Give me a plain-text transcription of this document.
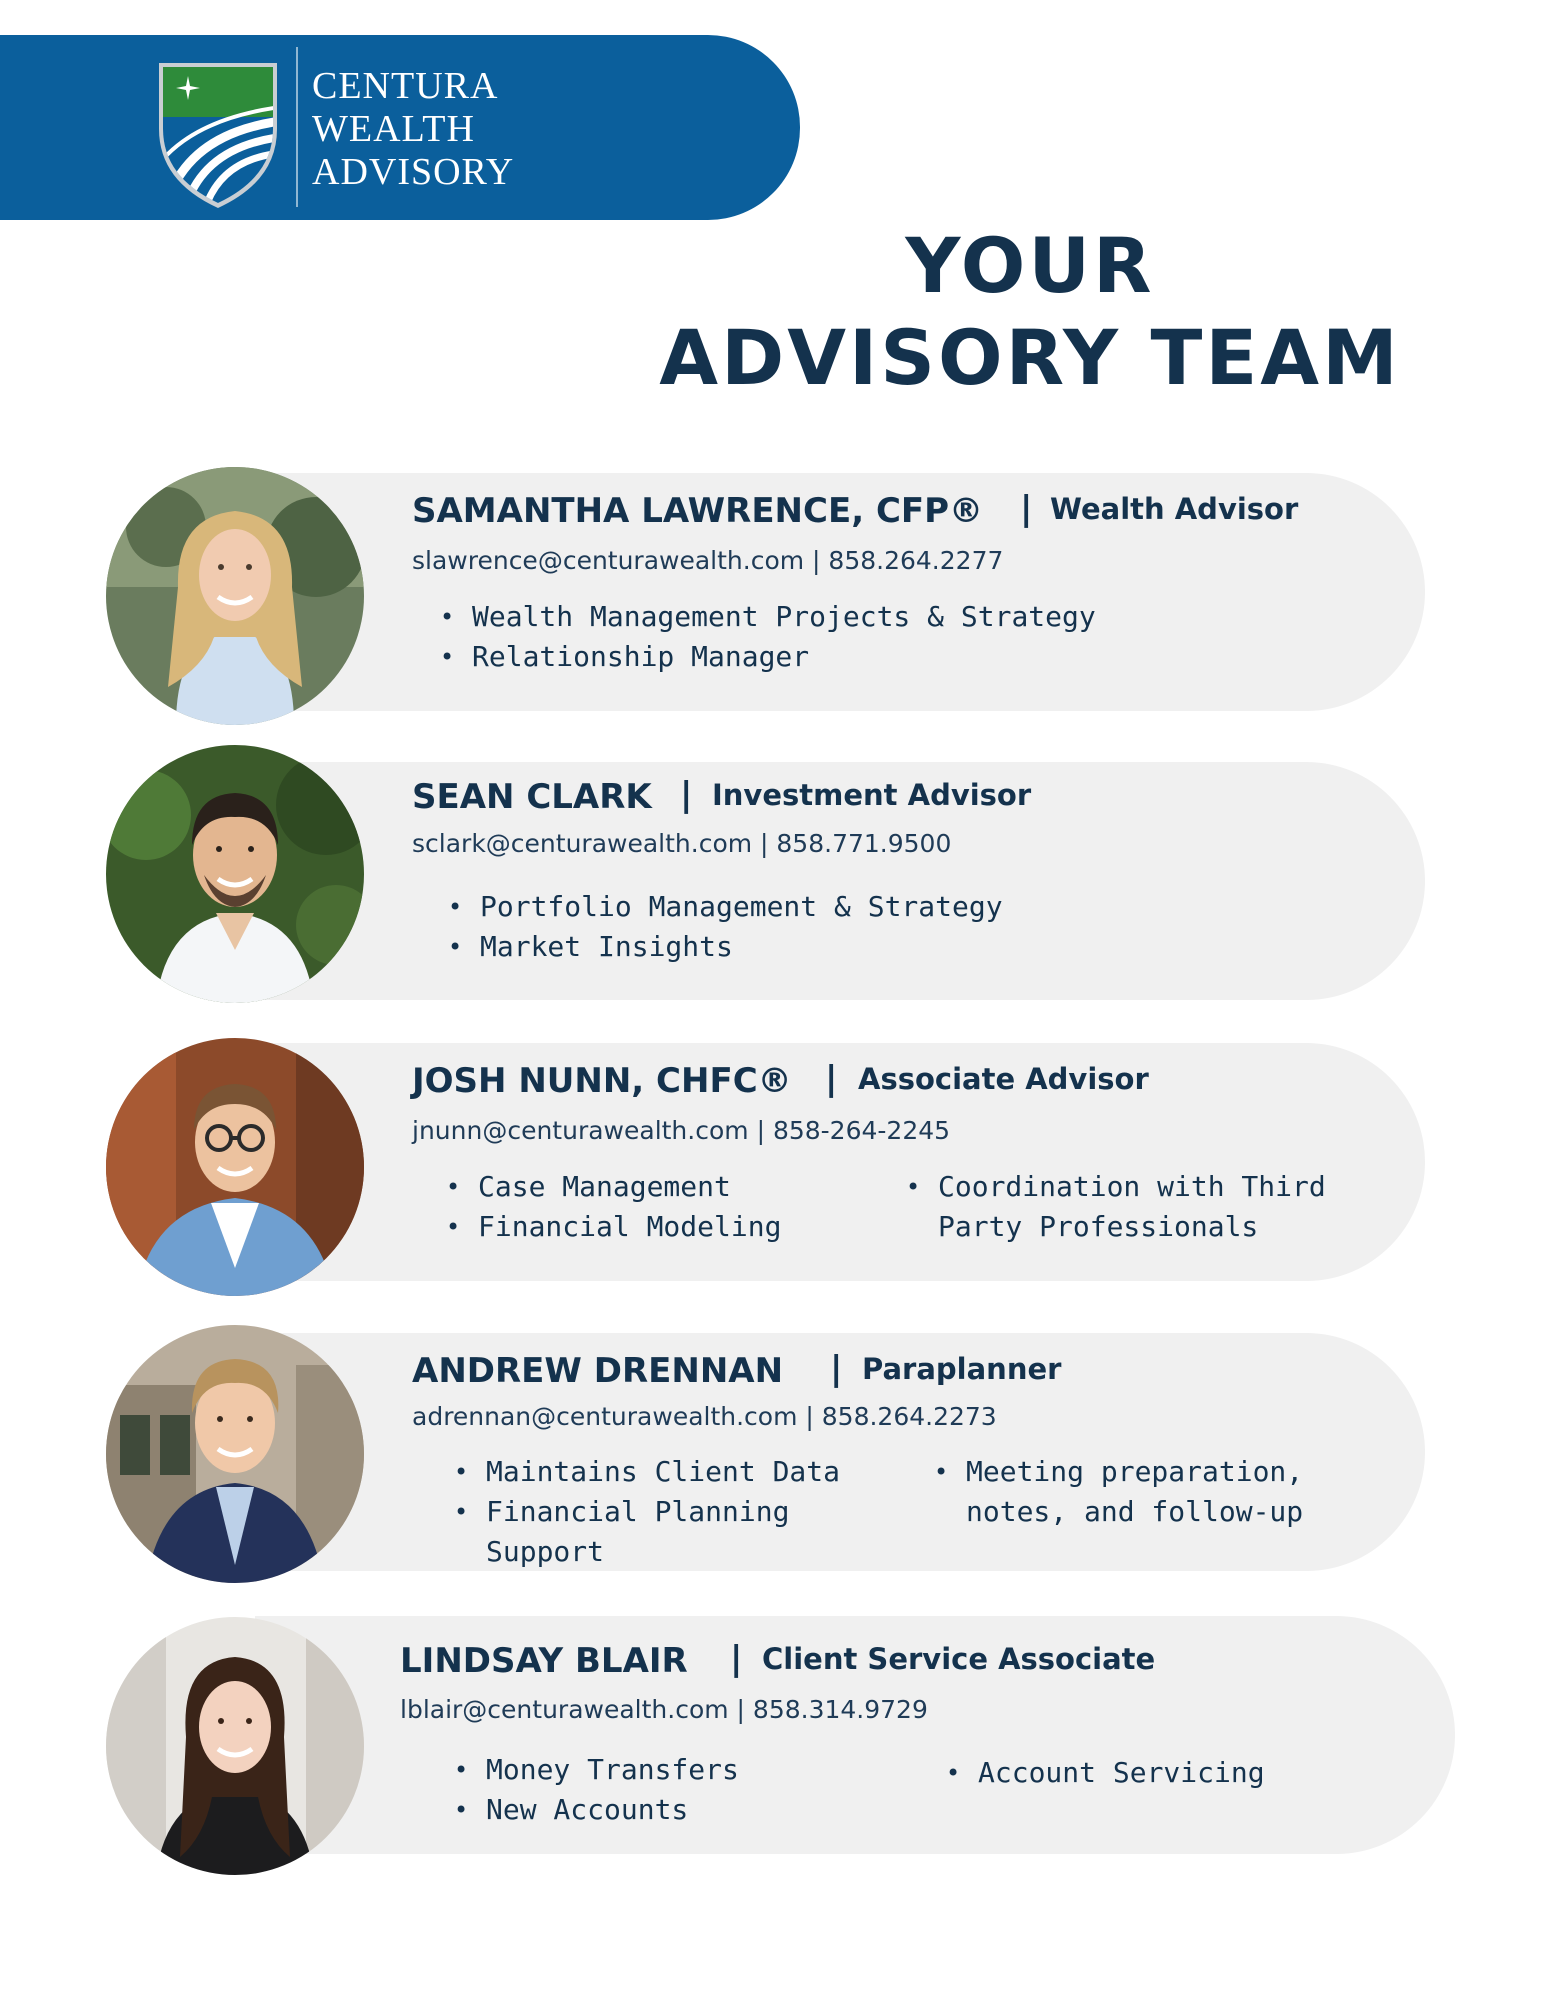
CENTURA
WEALTH
ADVISORY
YOUR
ADVISORY TEAM
SAMANTHA LAWRENCE, CFP® | Wealth Advisor
slawrence@centurawealth.com | 858.264.2277
• Wealth Management Projects & Strategy
• Relationship Manager
SEAN CLARK | Investment Advisor
sclark@centurawealth.com | 858.771.9500
• Portfolio Management & Strategy
• Market Insights
JOSH NUNN, CHFC® | Associate Advisor
jnunn@centurawealth.com | 858-264-2245
• Case Management
• Financial Modeling
• Coordination with Third Party Professionals
ANDREW DRENNAN | Paraplanner
adrennan@centurawealth.com | 858.264.2273
• Maintains Client Data
• Financial Planning Support
• Meeting preparation, notes, and follow-up
LINDSAY BLAIR | Client Service Associate
lblair@centurawealth.com | 858.314.9729
• Money Transfers
• New Accounts
• Account Servicing
